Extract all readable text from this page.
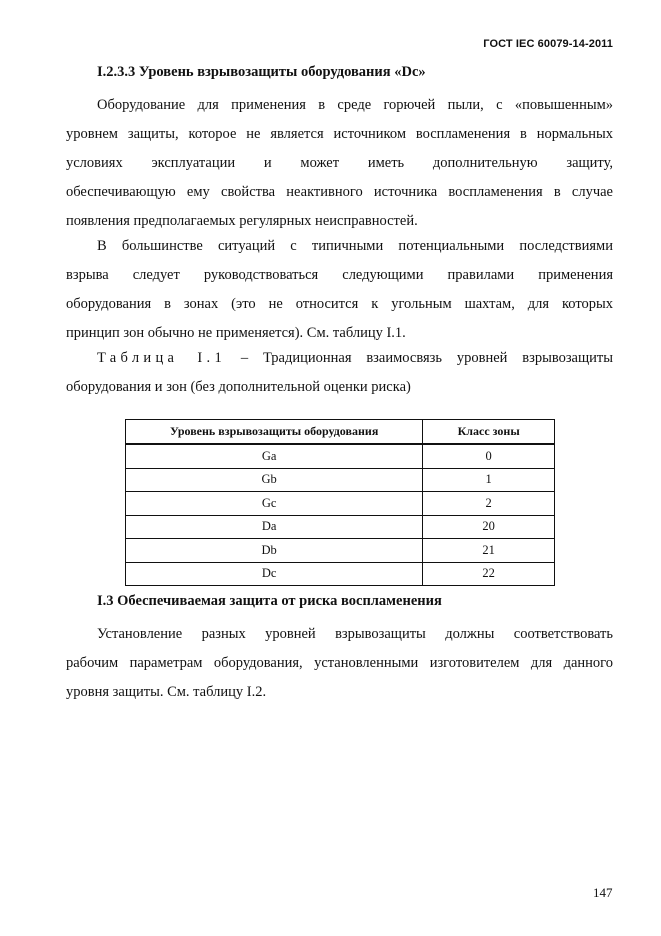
ГОСТ IEC 60079-14-2011
I.2.3.3 Уровень взрывозащиты оборудования «Dc»

Оборудование для применения в среде горючей пыли, с «повышенным»
уровнем защиты, которое не является источником воспламенения в нормальных
условиях эксплуатации и может иметь дополнительную защиту,
обеспечивающую ему свойства неактивного источника воспламенения в случае
появления предполагаемых регулярных неисправностей.

В большинстве ситуаций с типичными потенциальными последствиями
взрыва следует руководствоваться следующими правилами применения
оборудования в зонах (это не относится к угольным шахтам, для которых
принцип зон обычно не применяется). См. таблицу I.1.

Таблица I.1 – Традиционная взаимосвязь уровней взрывозащиты
оборудования и зон (без дополнительной оценки риска)

Уровень взрывозащиты оборудования	Класс зоны
Ga	0
Gb	1
Gc	2
Da	20
Db	21
Dc	22
I.3 Обеспечиваемая защита от риска воспламенения

Установление разных уровней взрывозащиты должны соответствовать
рабочим параметрам оборудования, установленными изготовителем для данного
уровня защиты. См. таблицу I.2.

147
